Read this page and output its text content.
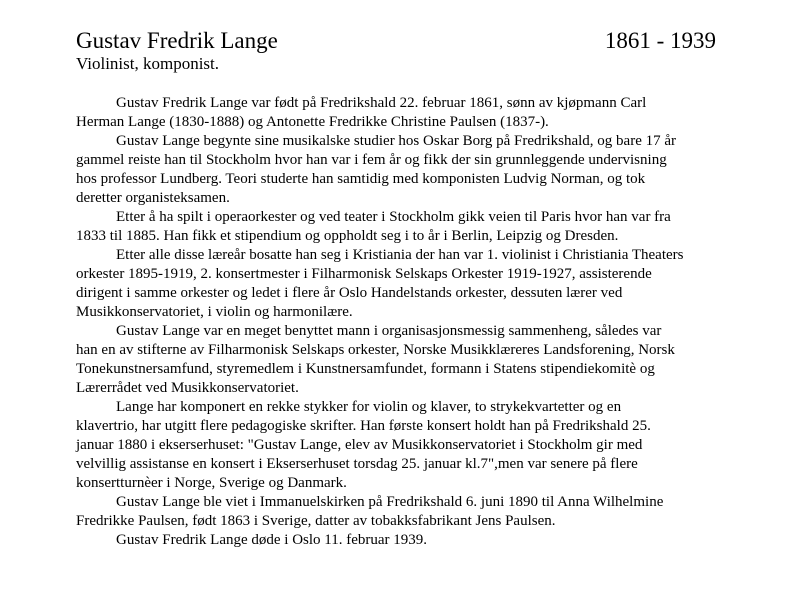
Gustav Fredrik Lange	1861 - 1939
Violinist, komponist.
Gustav Fredrik Lange var født på Fredrikshald 22. februar 1861, sønn av kjøpmann Carl
Herman Lange (1830-1888) og Antonette Fredrikke Christine Paulsen (1837-).
Gustav Lange begynte sine musikalske studier hos Oskar Borg på Fredrikshald, og bare 17 år
gammel reiste han til Stockholm hvor han var i fem år og fikk der sin grunnleggende undervisning
hos professor Lundberg. Teori studerte han samtidig med komponisten Ludvig Norman, og tok
deretter organisteksamen.
Etter å ha spilt i operaorkester og ved teater i Stockholm gikk veien til Paris hvor han var fra
1833 til 1885. Han fikk et stipendium og oppholdt seg i to år i Berlin, Leipzig og Dresden.
Etter alle disse læreår bosatte han seg i Kristiania der han var 1. violinist i Christiania Theaters
orkester 1895-1919, 2. konsertmester i Filharmonisk Selskaps Orkester 1919-1927, assisterende
dirigent i samme orkester og ledet i flere år Oslo Handelstands orkester, dessuten lærer ved
Musikkonservatoriet, i violin og harmonilære.
Gustav Lange var en meget benyttet mann i organisasjonsmessig sammenheng, således var
han en av stifterne av Filharmonisk Selskaps orkester, Norske Musikklæreres Landsforening, Norsk
Tonekunstnersamfund, styremedlem i Kunstnersamfundet, formann i Statens stipendiekomitè og
Lærerrådet ved Musikkonservatoriet.
Lange har komponert en rekke stykker for violin og klaver, to strykekvartetter og en
klavertrio, har utgitt flere pedagogiske skrifter. Han første konsert holdt han på Fredrikshald 25.
januar 1880 i ekserserhuset: "Gustav Lange, elev av Musikkonservatoriet i Stockholm gir med
velvillig assistanse en konsert i Ekserserhuset torsdag 25. januar kl.7",men var senere på flere
konsertturnèer i Norge, Sverige og Danmark.
Gustav Lange ble viet i Immanuelskirken på Fredrikshald 6. juni 1890 til Anna Wilhelmine
Fredrikke Paulsen, født 1863 i Sverige, datter av tobakksfabrikant Jens Paulsen.
Gustav Fredrik Lange døde i Oslo 11. februar 1939.
